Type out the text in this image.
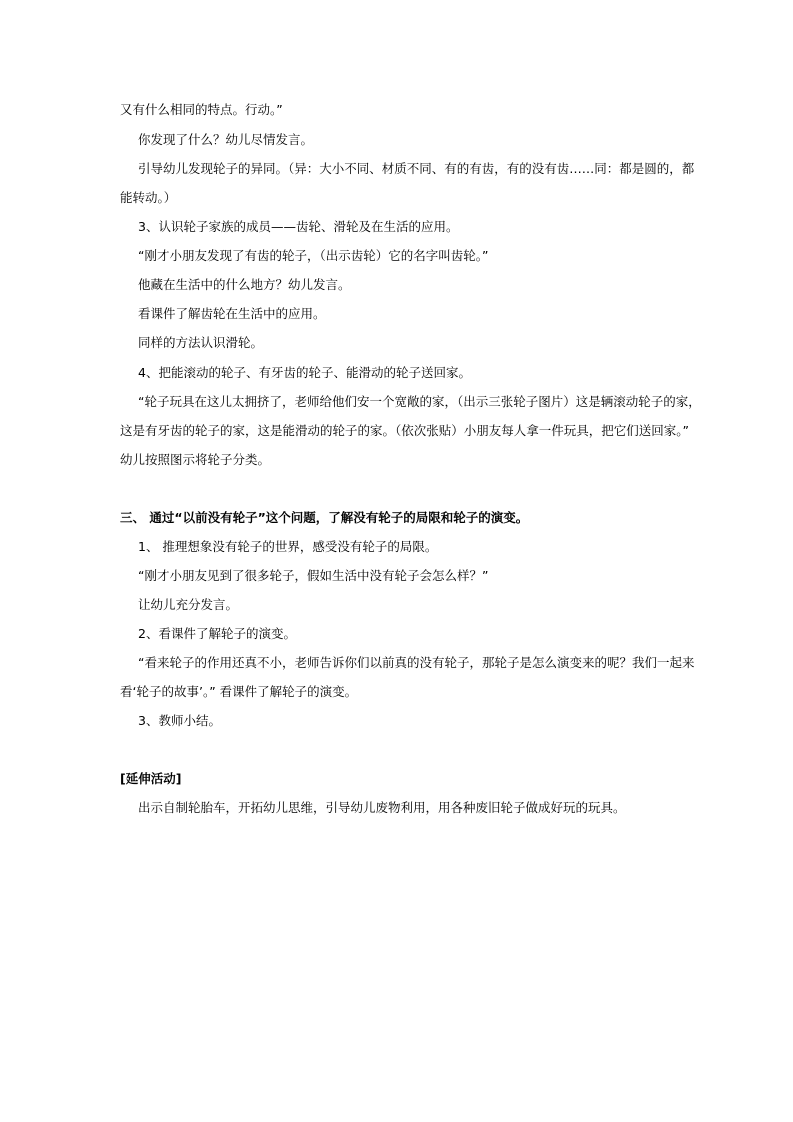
又有什么相同的特点。行动。”
你发现了什么？幼儿尽情发言。
引导幼儿发现轮子的异同。（异：大小不同、材质不同、有的有齿，有的没有齿……同：都是圆的，都
能转动。）
3、认识轮子家族的成员——齿轮、滑轮及在生活的应用。
“刚才小朋友发现了有齿的轮子，（出示齿轮）它的名字叫齿轮。”
他藏在生活中的什么地方？幼儿发言。
看课件了解齿轮在生活中的应用。
同样的方法认识滑轮。
4、把能滚动的轮子、有牙齿的轮子、能滑动的轮子送回家。
“轮子玩具在这儿太拥挤了，老师给他们安一个宽敞的家，（出示三张轮子图片）这是辆滚动轮子的家，
这是有牙齿的轮子的家，这是能滑动的轮子的家。（依次张贴）小朋友每人拿一件玩具，把它们送回家。”
幼儿按照图示将轮子分类。
三、 通过“以前没有轮子”这个问题，了解没有轮子的局限和轮子的演变。
1、 推理想象没有轮子的世界，感受没有轮子的局限。
“刚才小朋友见到了很多轮子，假如生活中没有轮子会怎么样？”
让幼儿充分发言。
2、看课件了解轮子的演变。
“看来轮子的作用还真不小，老师告诉你们以前真的没有轮子，那轮子是怎么演变来的呢？我们一起来
看‘轮子的故事’。” 看课件了解轮子的演变。
3、教师小结。
[延伸活动]
出示自制轮胎车，开拓幼儿思维，引导幼儿废物利用，用各种废旧轮子做成好玩的玩具。
